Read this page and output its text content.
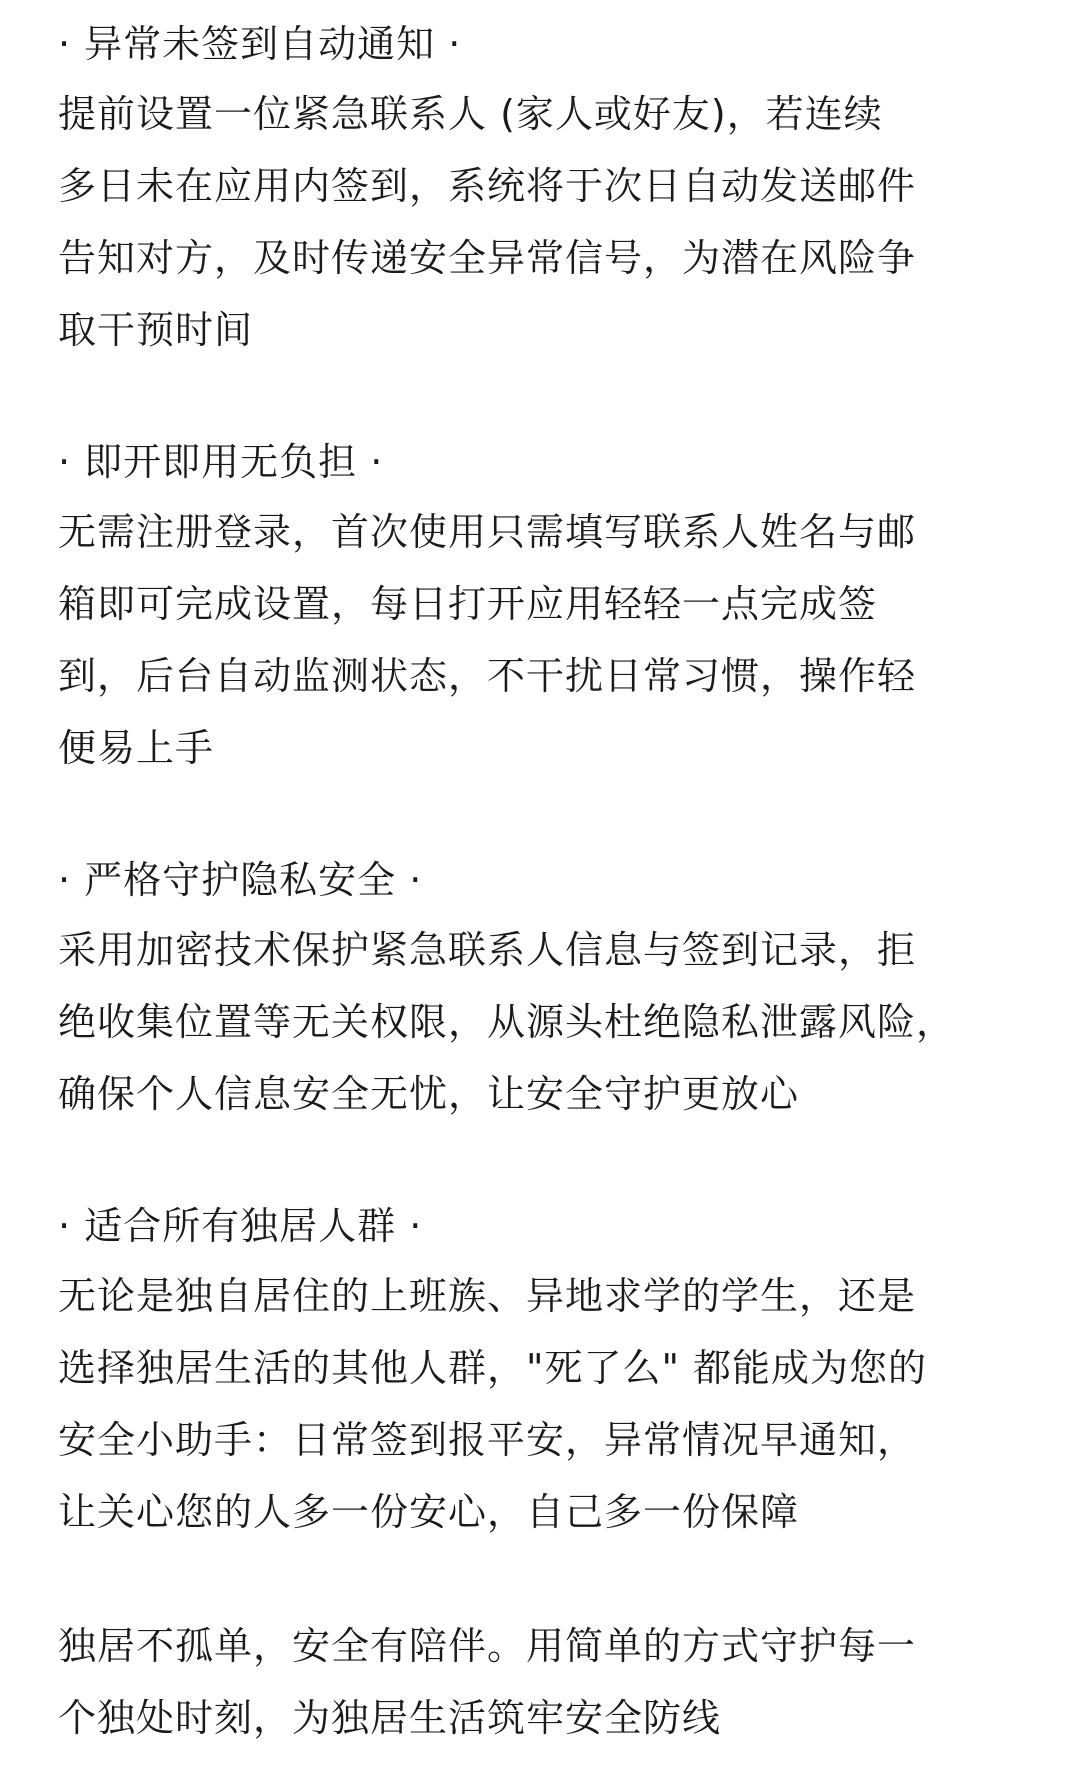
· 异常未签到自动通知 ·

提前设置一位紧急联系人 (家人或好友)，若连续

多日未在应用内签到，系统将于次日自动发送邮件

告知对方，及时传递安全异常信号，为潜在风险争

取干预时间

· 即开即用无负担 ·

无需注册登录，首次使用只需填写联系人姓名与邮

箱即可完成设置，每日打开应用轻轻一点完成签

到，后台自动监测状态，不干扰日常习惯，操作轻

便易上手

· 严格守护隐私安全 ·

采用加密技术保护紧急联系人信息与签到记录，拒

绝收集位置等无关权限，从源头杜绝隐私泄露风险，

确保个人信息安全无忧，让安全守护更放心

· 适合所有独居人群 ·

无论是独自居住的上班族、异地求学的学生，还是

选择独居生活的其他人群，"死了么" 都能成为您的

安全小助手：日常签到报平安，异常情况早通知，

让关心您的人多一份安心，自己多一份保障

独居不孤单，安全有陪伴。用简单的方式守护每一

个独处时刻，为独居生活筑牢安全防线
